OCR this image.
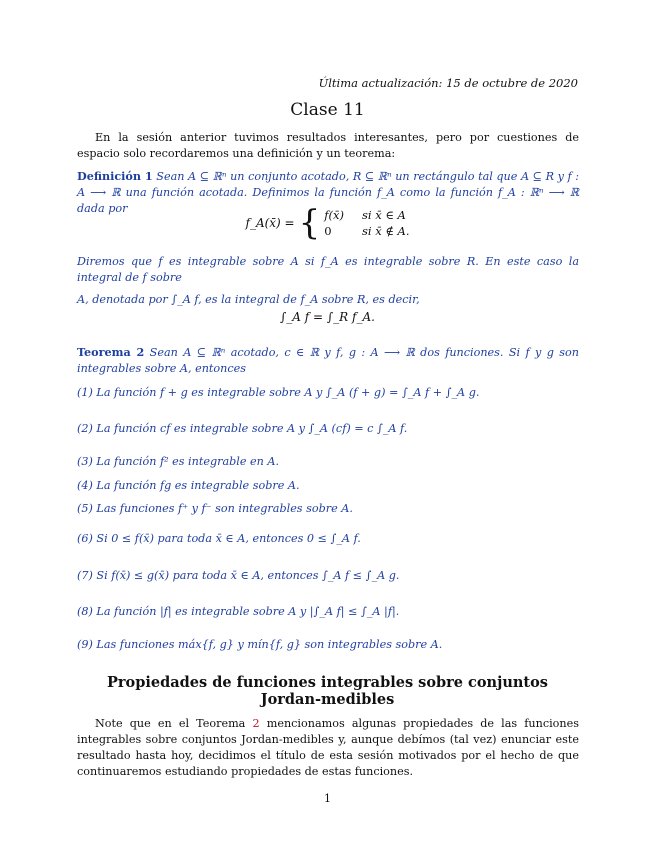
Última actualización: 15 de octubre de 2020
Clase 11
En la sesión anterior tuvimos resultados interesantes, pero por cuestiones de espacio solo recordaremos una definición y un teorema:
Definición 1 Sean A ⊆ ℝⁿ un conjunto acotado, R ⊆ ℝⁿ un rectángulo tal que A ⊆ R y f : A ⟶ ℝ una función acotada. Definimos la función f_A como la función f_A : ℝⁿ ⟶ ℝ dada por
f_A(x̄) = { f(x̄) si x̄ ∈ A
0	si x̄ ∉ A.
Diremos que f es integrable sobre A si f_A es integrable sobre R. En este caso la integral de f sobre
A, denotada por ∫_A f, es la integral de f_A sobre R, es decir,
∫_A f = ∫_R f_A.
Teorema 2 Sean A ⊆ ℝⁿ acotado, c ∈ ℝ y f, g : A ⟶ ℝ dos funciones. Si f y g son integrables sobre A, entonces
(1) La función f + g es integrable sobre A y ∫_A (f + g) = ∫_A f + ∫_A g.
(2) La función cf es integrable sobre A y ∫_A (cf) = c ∫_A f.
(3) La función f² es integrable en A.
(4) La función fg es integrable sobre A.
(5) Las funciones f⁺ y f⁻ son integrables sobre A.
(6) Si 0 ≤ f(x̄) para toda x̄ ∈ A, entonces 0 ≤ ∫_A f.
(7) Si f(x̄) ≤ g(x̄) para toda x̄ ∈ A, entonces ∫_A f ≤ ∫_A g.
(8) La función |f| es integrable sobre A y |∫_A f| ≤ ∫_A |f|.
(9) Las funciones máx{f, g} y mín{f, g} son integrables sobre A.
Propiedades de funciones integrables sobre conjuntos
Jordan-medibles
Note que en el Teorema 2 mencionamos algunas propiedades de las funciones integrables sobre conjuntos Jordan-medibles y, aunque debímos (tal vez) enunciar este resultado hasta hoy, decidimos el título de esta sesión motivados por el hecho de que continuaremos estudiando propiedades de estas funciones.
1
